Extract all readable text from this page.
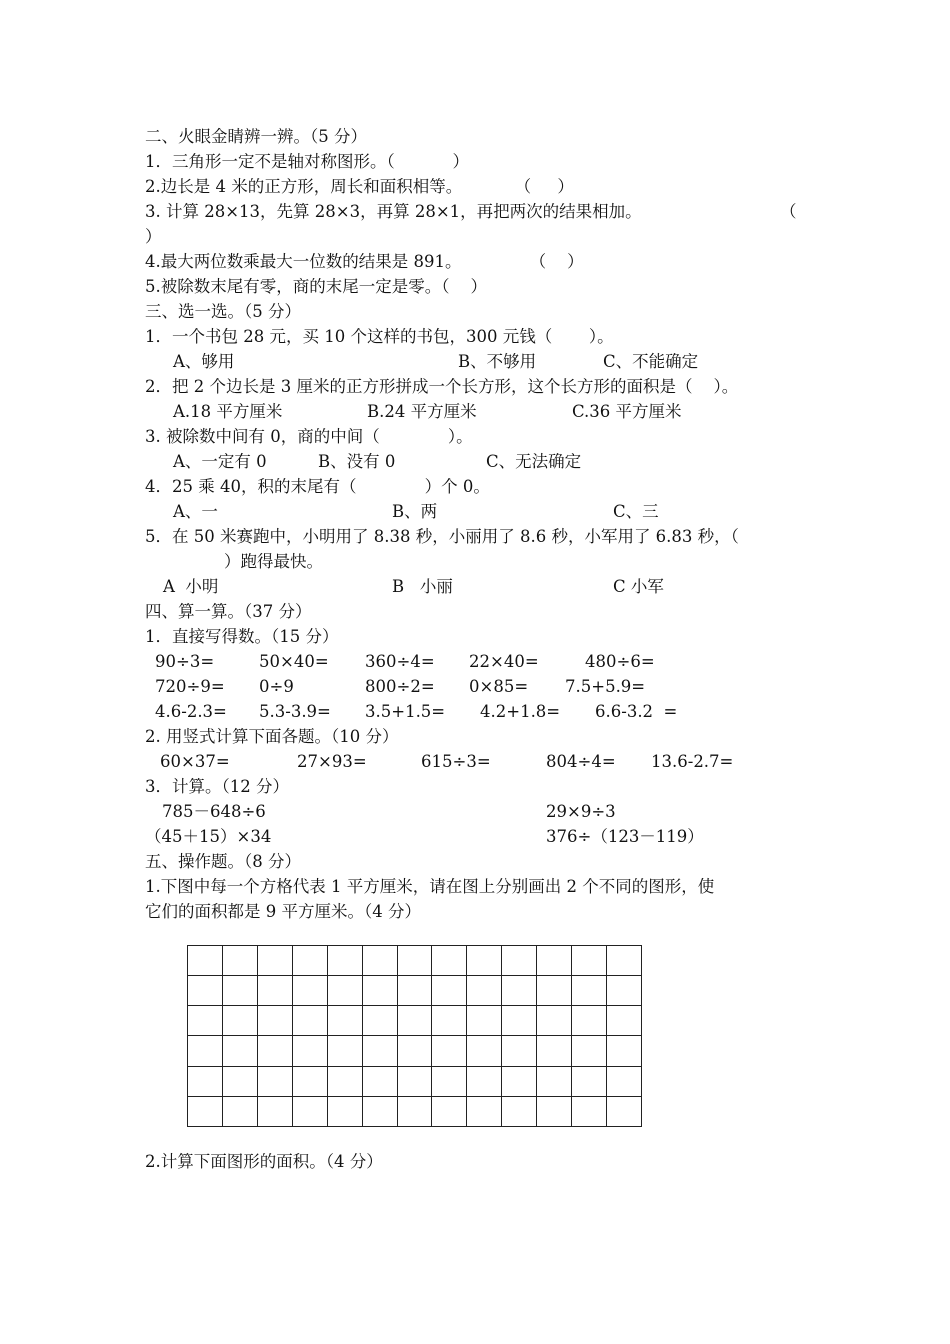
二、火眼金睛辨一辨。（5 分）
1．三角形一定不是轴对称图形。（           ）
2.边长是 4 米的正方形，周长和面积相等。          （     ）
3. 计算 28×13，先算 28×3，再算 28×1，再把两次的结果相加。	（
）
4.最大两位数乘最大一位数的结果是 891。             （    ）
5.被除数末尾有零，商的末尾一定是零。（    ）
三、选一选。（5 分）
1．一个书包 28 元，买 10 个这样的书包，300 元钱（       ）。
A、够用	B、不够用	C、不能确定
2．把 2 个边长是 3 厘米的正方形拼成一个长方形，这个长方形的面积是（    ）。
A.18 平方厘米	B.24 平方厘米	C.36 平方厘米
3. 被除数中间有 0，商的中间（             ）。
A、一定有 0	B、没有 0	C、无法确定
4．25 乘 40，积的末尾有（             ）个 0。
A、一	B、两	C、三
5．在 50 米赛跑中，小明用了 8.38 秒，小丽用了 8.6 秒，小军用了 6.83 秒，（
）跑得最快。
A  小明	B   小丽	C 小军
四、算一算。（37 分）
1．直接写得数。（15 分）
90÷3=	50×40= 360÷4= 22×40=	480÷6=
720÷9= 0÷9	800÷2= 0×85= 7.5+5.9=
4.6-2.3= 5.3-3.9= 3.5+1.5= 4.2+1.8= 6.6-3.2  =
2. 用竖式计算下面各题。（10 分）
60×37=	27×93=	615÷3=	804÷4= 13.6-2.7=
3．计算。（12 分）
785－648÷6	29×9÷3
（45＋15）×34	376÷（123－119）
五、操作题。（8 分）
1.下图中每一个方格代表 1 平方厘米，请在图上分别画出 2 个不同的图形，使
它们的面积都是 9 平方厘米。（4 分）
2.计算下面图形的面积。（4 分）
